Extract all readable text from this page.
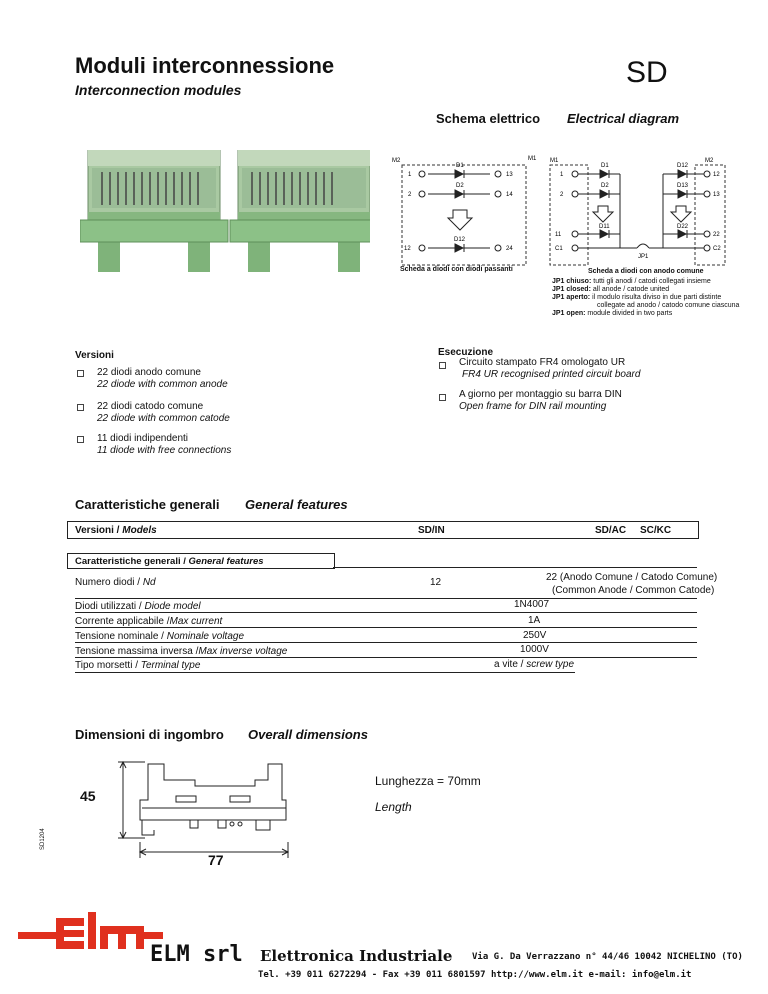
Moduli interconnessione
Interconnection modules
SD
Schema elettrico Electrical diagram
M2	M1
1
2
12
13
14
24
D1
D2
D12
Scheda a diodi con diodi passanti
M1	M2
1
2
11
C1
12
13
22
C2
D1
D2
D11
D12
D13
D22
JP1
Scheda a diodi con anodo comune
JP1 chiuso: tutti gli anodi / catodi collegati insieme
JP1 closed: all anode / catode united
JP1 aperto: il modulo risulta diviso in due parti distinte
collegate ad anodo / catodo comune ciascuna
JP1 open: module divided in two parts
Versioni
22 diodi anodo comune
22 diode with common anode
22 diodi catodo comune
22 diode with common catode
11 diodi indipendenti
11 diode with free connections
Esecuzione
Circuito stampato FR4 omologato UR
FR4 UR recognised printed circuit board
A giorno per montaggio su barra DIN
Open frame for DIN rail mounting
Caratteristiche generali General features
Versioni / Models	SD/IN	SD/AC SC/KC
Caratteristiche generali / General features
Numero diodi / Nd	12	22 (Anodo Comune / Catodo Comune)
(Common Anode / Common Catode)
Diodi utilizzati / Diode model	1N4007
Corrente applicabile /Max current	1A
Tensione nominale / Nominale voltage	250V
Tensione massima inversa /Max inverse voltage	1000V
Tipo morsetti / Terminal type	a vite / screw type
Dimensioni di ingombro Overall dimensions
45
77
Lunghezza = 70mm
Length
SD1204
ELM srl Elettronica Industriale Via G. Da Verrazzano n° 44/46 10042 NICHELINO (TO)
Tel. +39 011 6272294 - Fax +39 011 6801597 http://www.elm.it e-mail: info@elm.it
